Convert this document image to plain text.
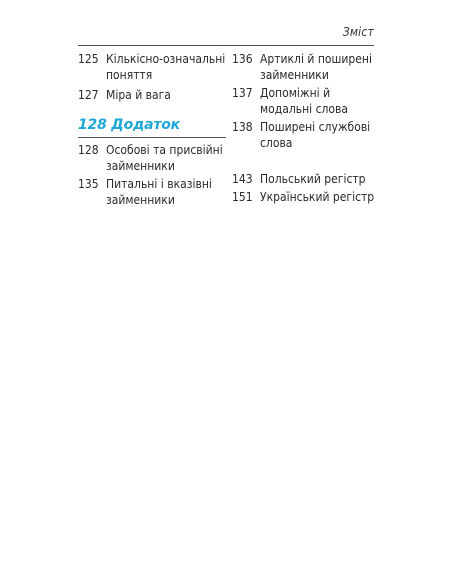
Зміст
125 Кількісно-означальні поняття
127 Міра й вага
128 Додаток
128 Особові та присвійні займенники
135 Питальні і вказівні займенники
136 Артиклі й поширені займенники
137 Допоміжні й модальні слова
138 Поширені службові слова
143 Польський регістр
151 Український регістр
